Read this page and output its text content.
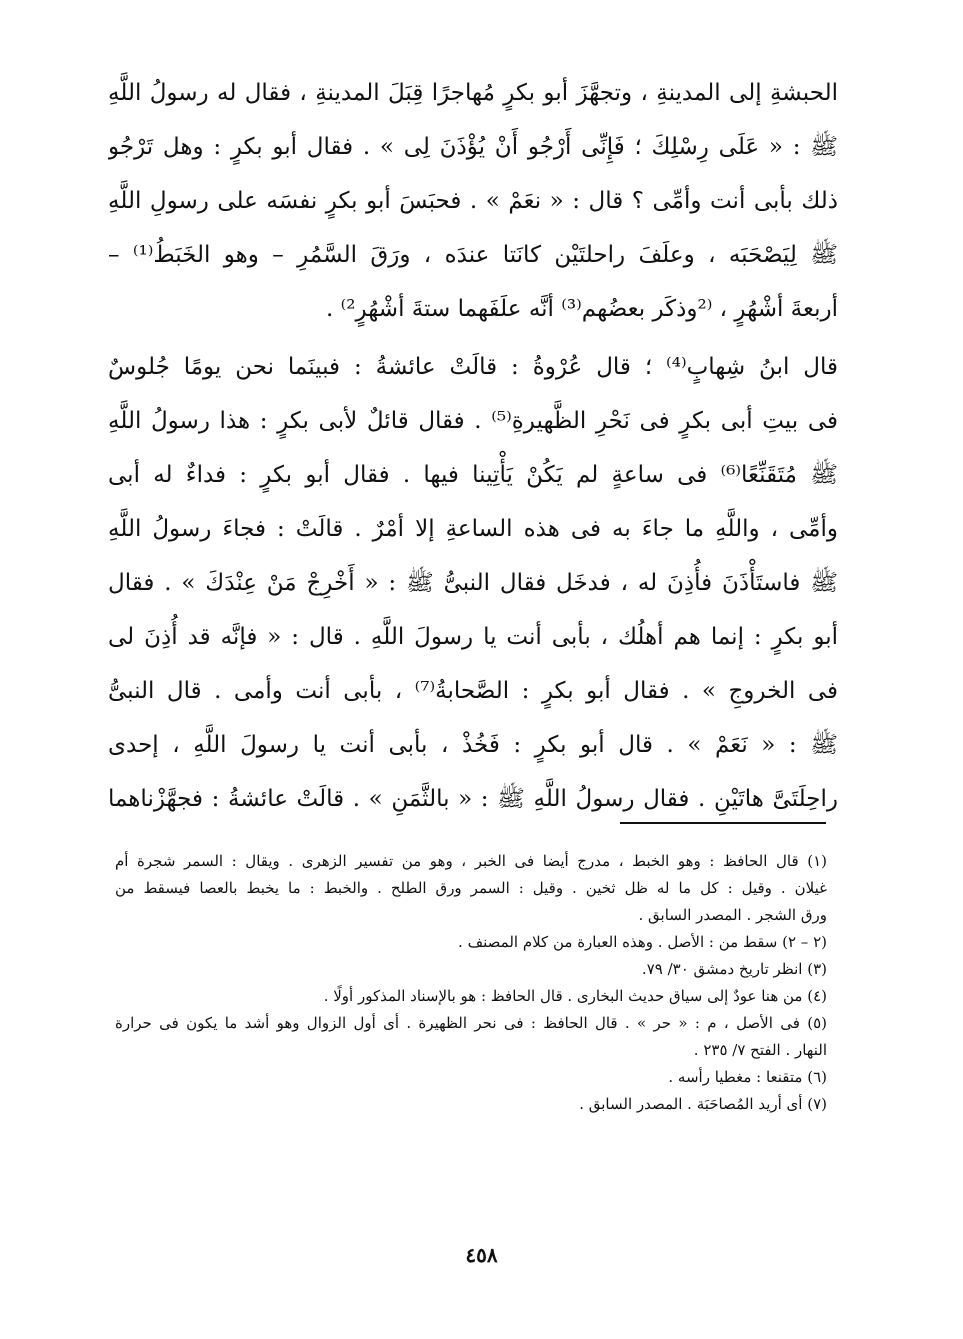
الحبشةِ إلى المدينةِ ، وتجهَّزَ أبو بكرٍ مُهاجرًا قِبَلَ المدينةِ ، فقال له رسولُ اللَّهِ
ﷺ : « عَلَى رِسْلِكَ ؛ فَإِنِّى أَرْجُو أَنْ يُؤْذَنَ لِى » . فقال أبو بكرٍ : وهل تَرْجُو
ذلك بأبى أنت وأمِّى ؟ قال : « نعَمْ » . فحبَسَ أبو بكرٍ نفسَه على رسولِ اللَّهِ
ﷺ لِيَصْحَبَه ، وعلَفَ راحلتَيْن كانَتا عندَه ، ورَقَ السَّمُرِ – وهو الخَبَطُ⁽¹⁾ –
أربعةَ أشْهُرٍ ، ⁽²وذكَر بعضُهم⁽³⁾ أنَّه علَفَهما ستةَ أشْهُرٍ²⁾ .
قال ابنُ شِهابٍ⁽⁴⁾ ؛ قال عُرْوةُ : قالَتْ عائشةُ : فبينَما نحن يومًا جُلوسٌ
فى بيتِ أبى بكرٍ فى نَحْرِ الظَّهيرةِ⁽⁵⁾ . فقال قائلٌ لأبى بكرٍ : هذا رسولُ اللَّهِ
ﷺ مُتَقَنِّعًا⁽⁶⁾ فى ساعةٍ لم يَكُنْ يَأْتِينا فيها . فقال أبو بكرٍ : فداءٌ له أبى
وأمِّى ، واللَّهِ ما جاءَ به فى هذه الساعةِ إلا أمْرٌ . قالَتْ : فجاءَ رسولُ اللَّهِ
ﷺ فاستَأْذَنَ فأُذِنَ له ، فدخَل فقال النبىُّ ﷺ : « أَخْرِجْ مَنْ عِنْدَكَ » . فقال
أبو بكرٍ : إنما هم أهلُك ، بأبى أنت يا رسولَ اللَّهِ . قال : « فإنَّه قد أُذِنَ لى
فى الخروجِ » . فقال أبو بكرٍ : الصَّحابةُ⁽⁷⁾ ، بأبى أنت وأمى . قال النبىُّ
ﷺ : « نَعَمْ » . قال أبو بكرٍ : فَخُذْ ، بأبى أنت يا رسولَ اللَّهِ ، إحدى
راحِلَتَىَّ هاتَيْنِ . فقال رسولُ اللَّهِ ﷺ : « بالثَّمَنِ » . قالَتْ عائشةُ : فجهَّزْناهما
(١) قال الحافظ : وهو الخبط ، مدرج أيضا فى الخبر ، وهو من تفسير الزهرى . ويقال : السمر شجرة أم
غيلان . وقيل : كل ما له ظل ثخين . وقيل : السمر ورق الطلح . والخبط : ما يخبط بالعصا فيسقط من
ورق الشجر . المصدر السابق .
(٢ – ٢) سقط من : الأصل . وهذه العبارة من كلام المصنف .
(٣) انظر تاريخ دمشق ٣٠/ ٧٩.
(٤) من هنا عودٌ إلى سياق حديث البخارى . قال الحافظ : هو بالإسناد المذكور أولًا .
(٥) فى الأصل ، م : « حر » . قال الحافظ : فى نحر الظهيرة . أى أول الزوال وهو أشد ما يكون فى حرارة
النهار . الفتح ٧/ ٢٣٥ .
(٦) متقنعا : مغطيا رأسه .
(٧) أى أريد المُصاحَبَة . المصدر السابق .
٤٥٨
